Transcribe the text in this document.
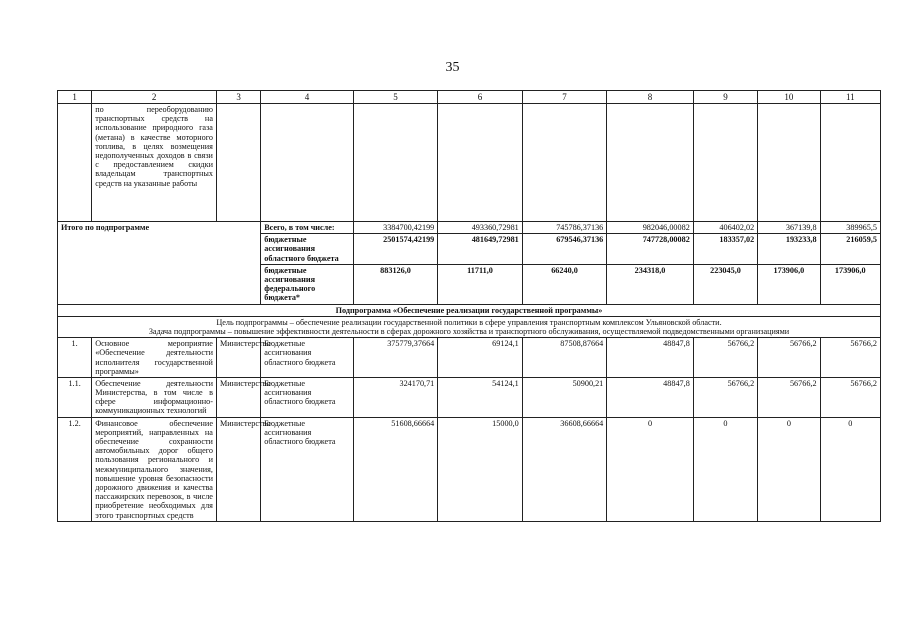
35
1	2	3	4	5	6	7	8	9	10	11
	по переоборудованию транспортных средств на использование природного газа (метана) в качестве моторного топлива, в целях возмещения недополученных доходов в связи с предоставлением скидки владельцам транспортных средств на указанные работы									
Итого по подпрограмме			Всего, в том числе:	3384700,42199	493360,72981	745786,37136	982046,00082	406402,02	367139,8	389965,5
			бюджетные ассигнования областного бюджета	2501574,42199	481649,72981	679546,37136	747728,00082	183357,02	193233,8	216059,5
			бюджетные ассигнования федерального бюджета*	883126,0	11711,0	66240,0	234318,0	223045,0	173906,0	173906,0
Подпрограмма «Обеспечение реализации государственной программы»										

Цель подпрограммы – обеспечение реализации государственной политики в сфере управления транспортным комплексом Ульяновской области.
Задача подпрограммы – повышение эффективности деятельности в сферах дорожного хозяйства и транспортного обслуживания, осуществляемой подведомственными организациями										

1.	Основное мероприятие «Обеспечение деятельности исполнителя государственной программы»	Министерство	Бюджетные ассигнования областного бюджета	375779,37664	69124,1	87508,87664	48847,8	56766,2	56766,2	56766,2
1.1.	Обеспечение деятельности Министерства, в том числе в сфере информационно-коммуникационных технологий	Министерство	Бюджетные ассигнования областного бюджета	324170,71	54124,1	50900,21	48847,8	56766,2	56766,2	56766,2
1.2.	Финансовое обеспечение мероприятий, направленных на обеспечение сохранности автомобильных дорог общего пользования регионального и межмуниципального значения, повышение уровня безопасности дорожного движения и качества пассажирских перевозок, в числе приобретение необходимых для этого транспортных средств	Министерство	Бюджетные ассигнования областного бюджета	51608,66664	15000,0	36608,66664	0	0	0	0
